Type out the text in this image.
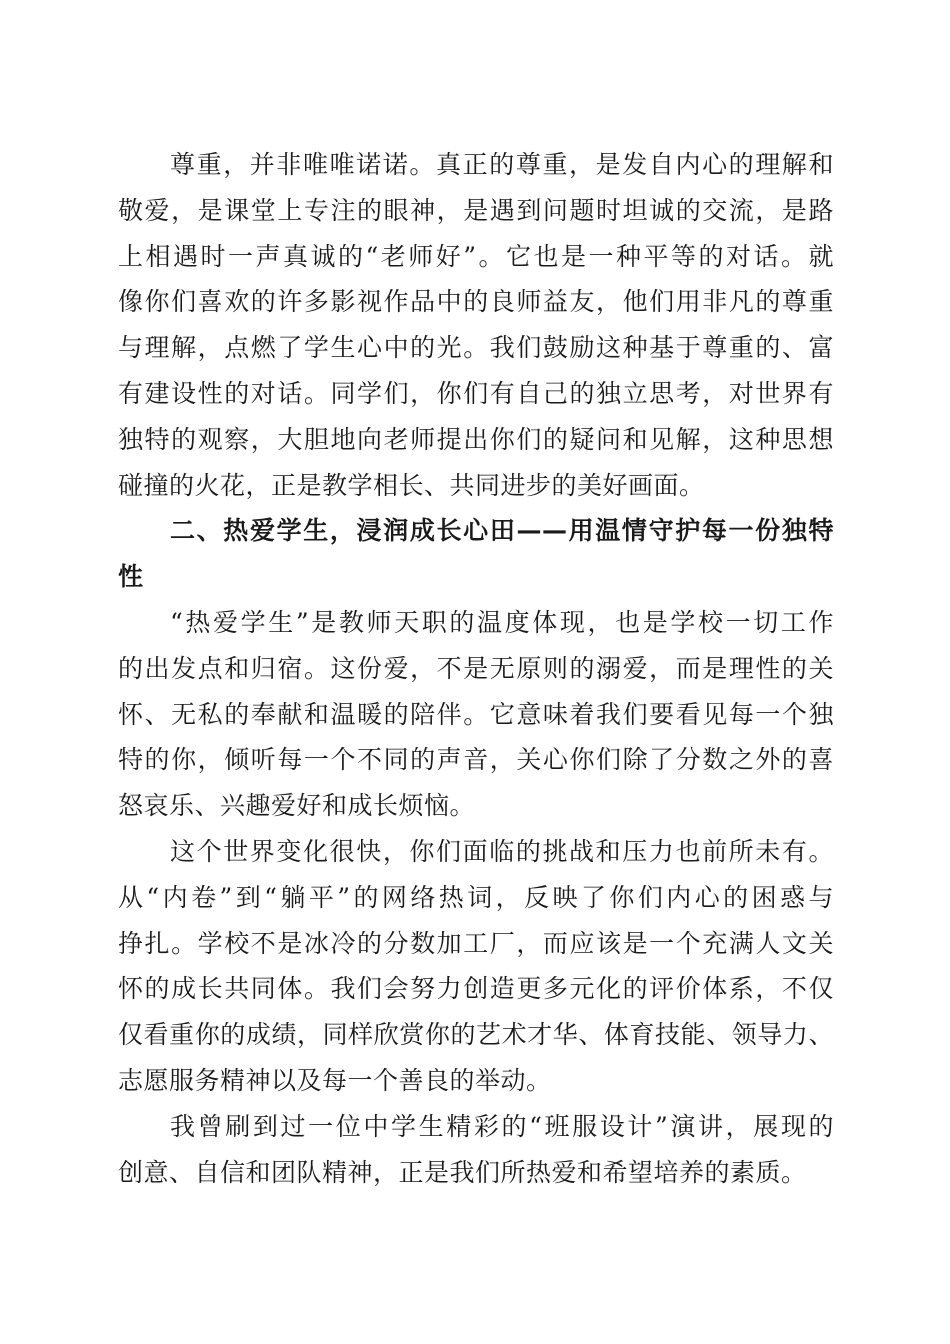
尊重，并非唯唯诺诺。真正的尊重，是发自内心的理解和
敬爱，是课堂上专注的眼神，是遇到问题时坦诚的交流，是路
上相遇时一声真诚的“老师好”。它也是一种平等的对话。就
像你们喜欢的许多影视作品中的良师益友，他们用非凡的尊重
与理解，点燃了学生心中的光。我们鼓励这种基于尊重的、富
有建设性的对话。同学们，你们有自己的独立思考，对世界有
独特的观察，大胆地向老师提出你们的疑问和见解，这种思想
碰撞的火花，正是教学相长、共同进步的美好画面。
二、热爱学生，浸润成长心田——用温情守护每一份独特
性
“热爱学生”是教师天职的温度体现，也是学校一切工作
的出发点和归宿。这份爱，不是无原则的溺爱，而是理性的关
怀、无私的奉献和温暖的陪伴。它意味着我们要看见每一个独
特的你，倾听每一个不同的声音，关心你们除了分数之外的喜
怒哀乐、兴趣爱好和成长烦恼。
这个世界变化很快，你们面临的挑战和压力也前所未有。
从“内卷”到“躺平”的网络热词，反映了你们内心的困惑与
挣扎。学校不是冰冷的分数加工厂，而应该是一个充满人文关
怀的成长共同体。我们会努力创造更多元化的评价体系，不仅
仅看重你的成绩，同样欣赏你的艺术才华、体育技能、领导力、
志愿服务精神以及每一个善良的举动。
我曾刷到过一位中学生精彩的“班服设计”演讲，展现的
创意、自信和团队精神，正是我们所热爱和希望培养的素质。
